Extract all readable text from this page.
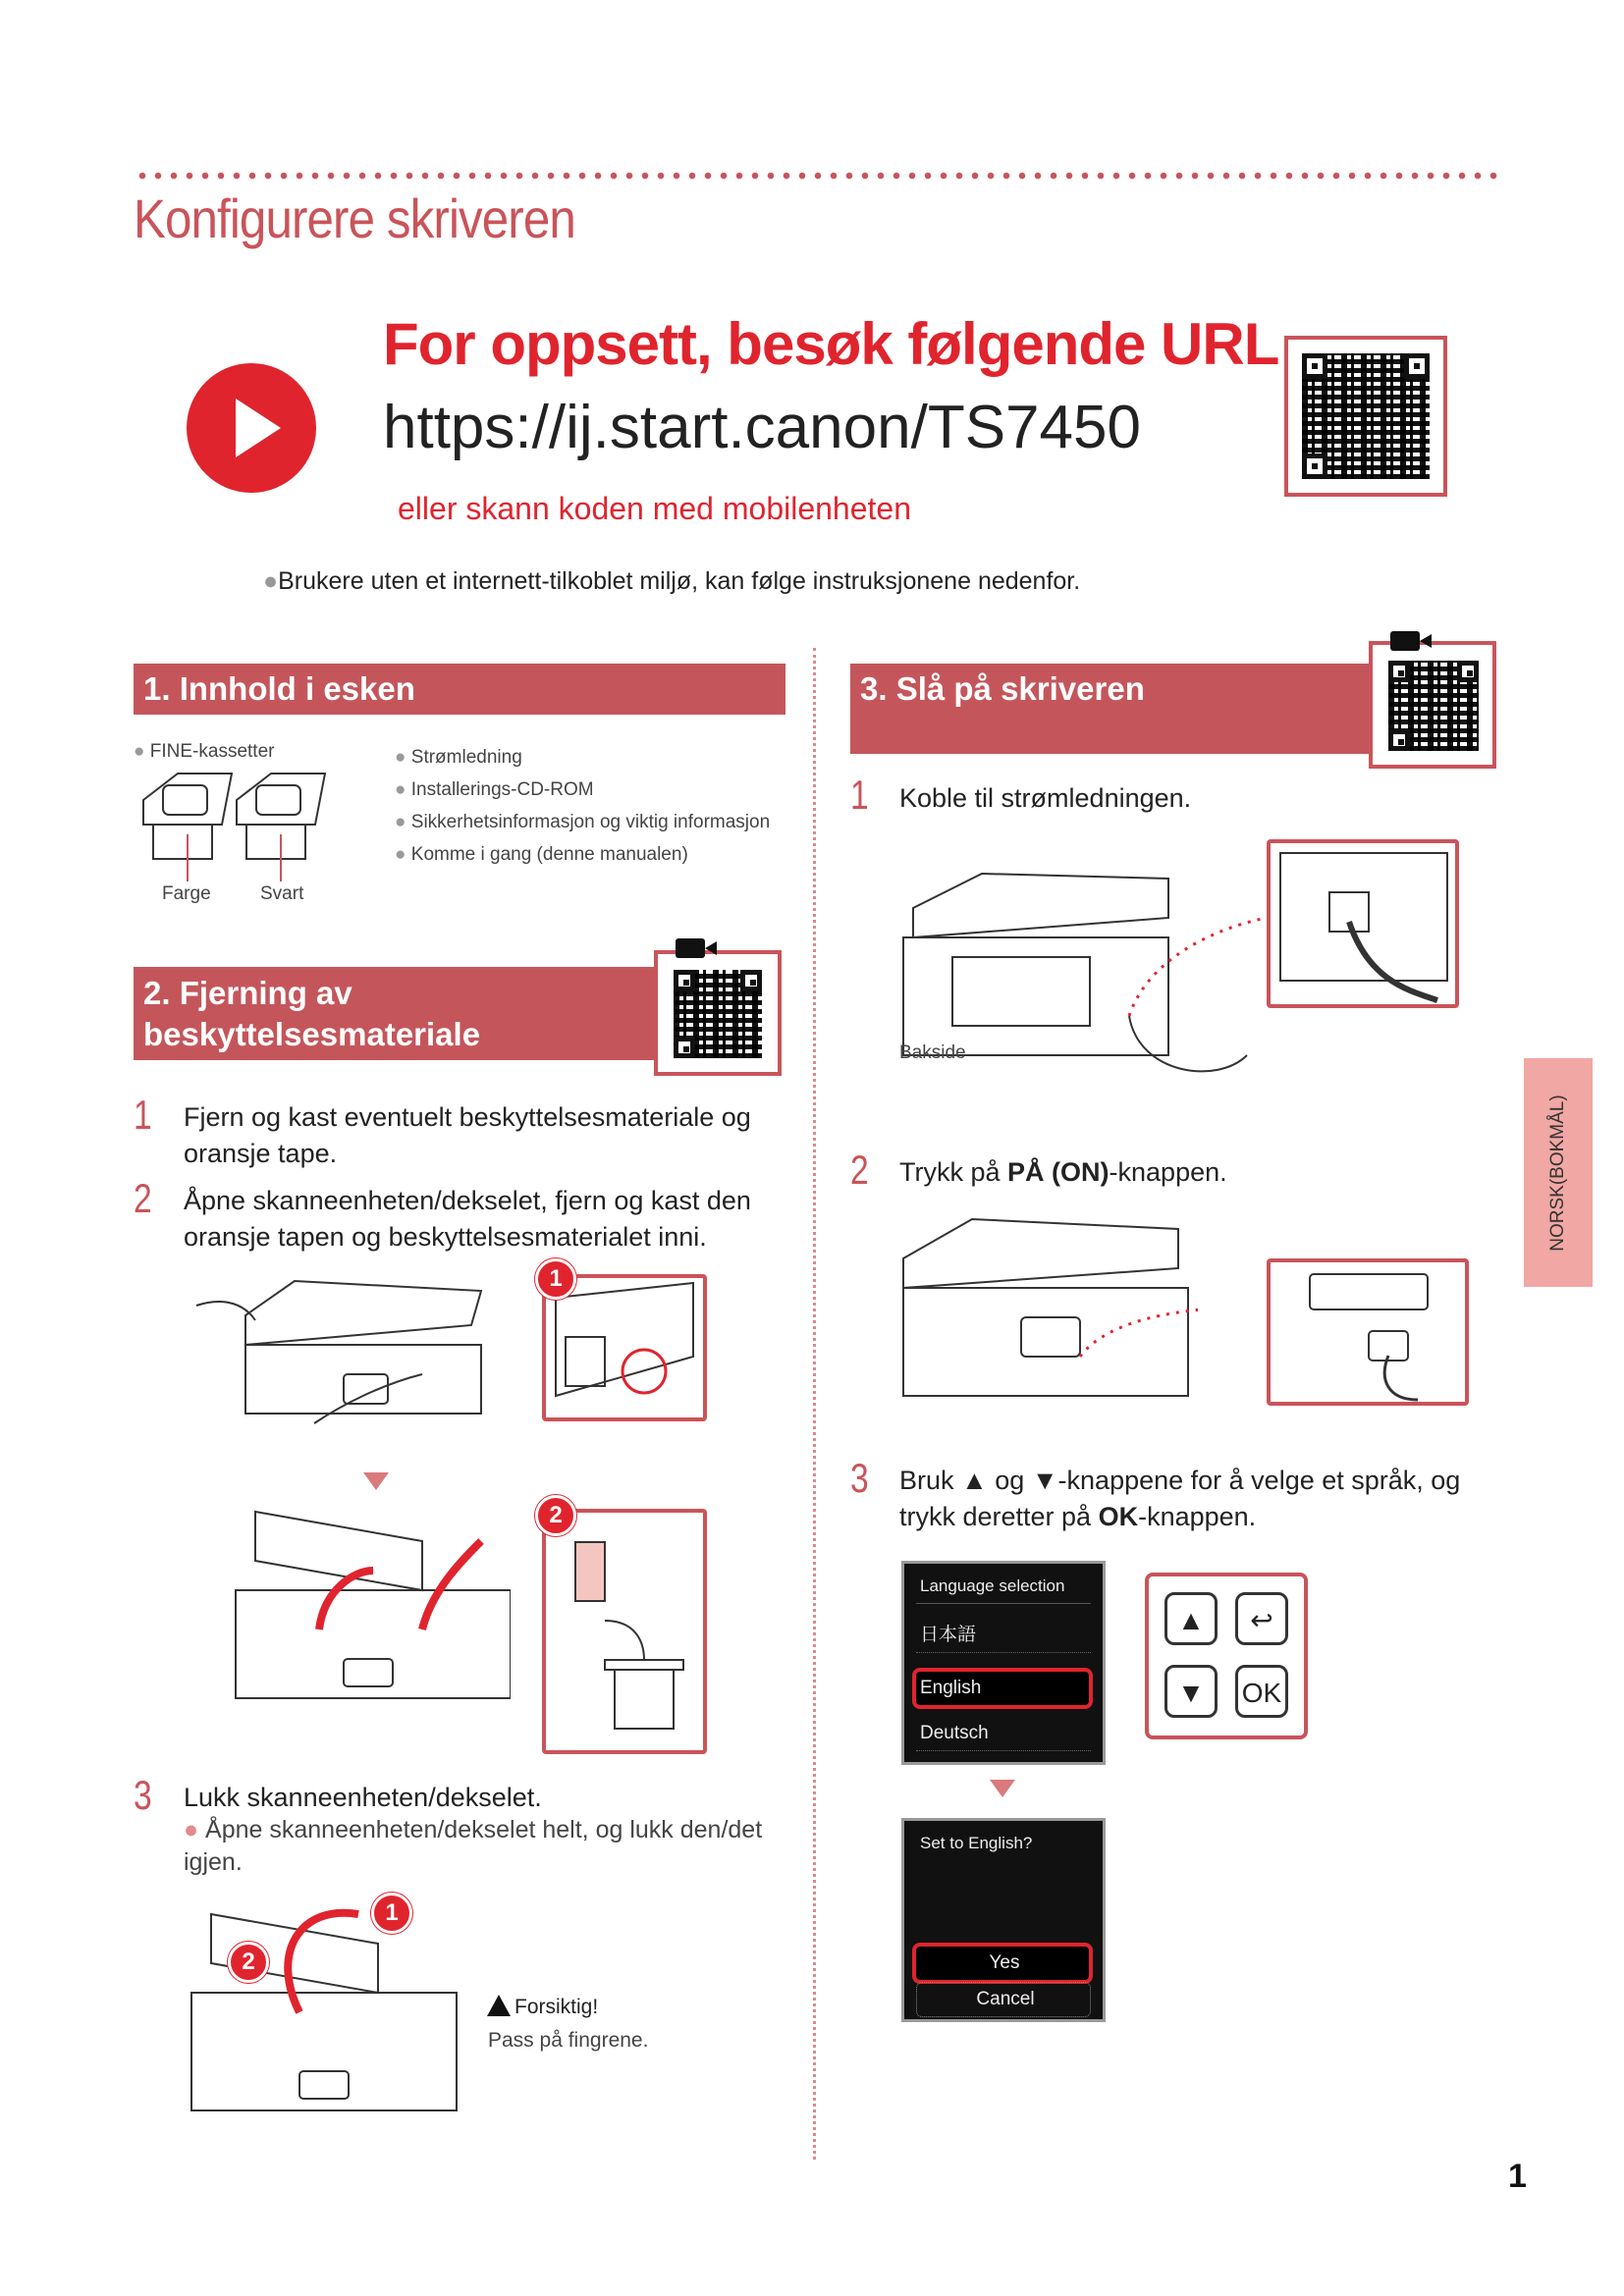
Konfigurere skriveren
For oppsett, besøk følgende URL
https://ij.start.canon/TS7450
eller skann koden med mobilenheten
●Brukere uten et internett-tilkoblet miljø, kan følge instruksjonene nedenfor.
1. Innhold i esken
● FINE-kassetter
Farge	Svart
● Strømledning
● Installerings-CD-ROM
● Sikkerhetsinformasjon og viktig informasjon
● Komme i gang (denne manualen)
2. Fjerning av
beskyttelsesmateriale
1 Fjern og kast eventuelt beskyttelsesmateriale og oransje tape.
2 Åpne skanneenheten/dekselet, fjern og kast den oransje tapen og beskyttelsesmaterialet inni.
1
2
3 Lukk skanneenheten/dekselet.
● Åpne skanneenheten/dekselet helt, og lukk den/det igjen.
1
2
Forsiktig!
Pass på fingrene.
3. Slå på skriveren
1 Koble til strømledningen.
Bakside
2 Trykk på PÅ (ON)-knappen.
3 Bruk ▲ og ▼-knappene for å velge et språk, og
trykk deretter på OK-knappen.
Language selection
日本語
English
Deutsch
▲	↩
▼	OK
Set to English?
Yes
Cancel
NORSK(BOKMÅL)
1
